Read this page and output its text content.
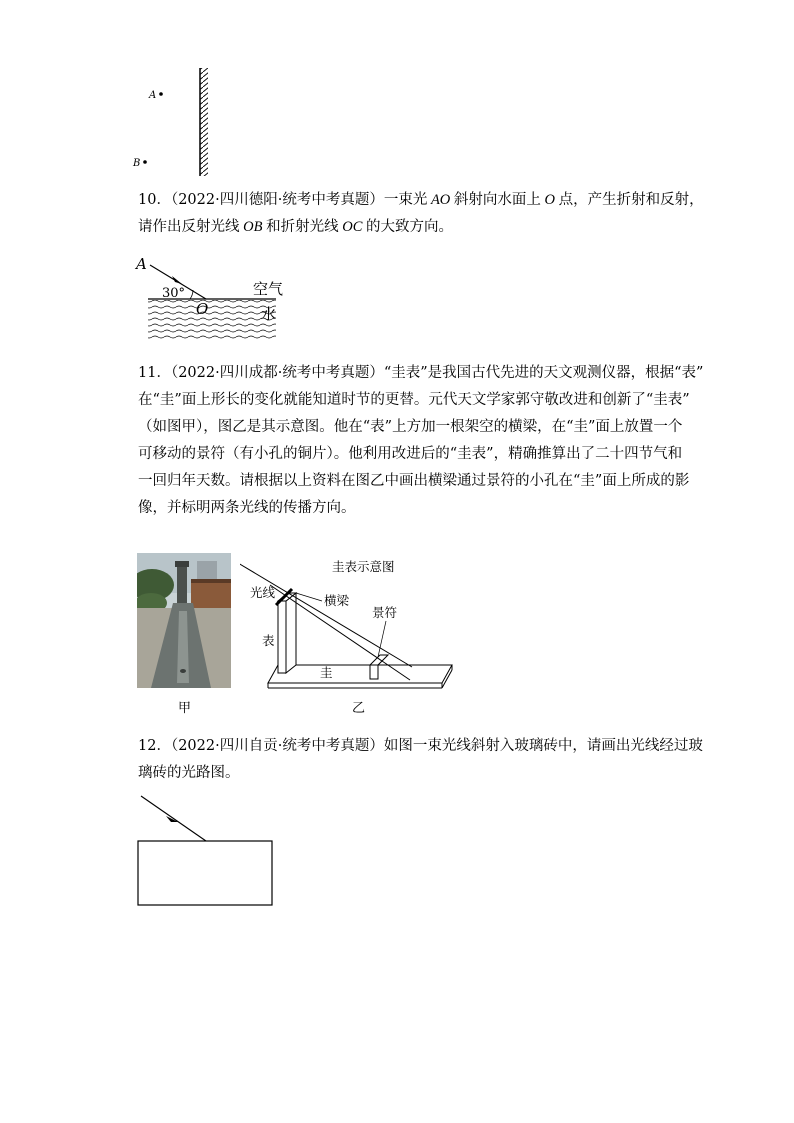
A
B
10．（2022·四川德阳·统考中考真题）一束光 AO 斜射向水面上 O 点，产生折射和反射，
请作出反射光线 OB 和折射光线 OC 的大致方向。
A
30°
O
空气
水
11．（2022·四川成都·统考中考真题）“圭表”是我国古代先进的天文观测仪器，根据“表”
在“圭”面上形长的变化就能知道时节的更替。元代天文学家郭守敬改进和创新了“圭表”
（如图甲），图乙是其示意图。他在“表”上方加一根架空的横梁，在“圭”面上放置一个
可移动的景符（有小孔的铜片）。他利用改进后的“圭表”，精确推算出了二十四节气和
一回归年天数。请根据以上资料在图乙中画出横梁通过景符的小孔在“圭”面上所成的影
像，并标明两条光线的传播方向。
甲
圭表示意图
光线
横梁
景符
表
圭
乙
12．（2022·四川自贡·统考中考真题）如图一束光线斜射入玻璃砖中，请画出光线经过玻
璃砖的光路图。
